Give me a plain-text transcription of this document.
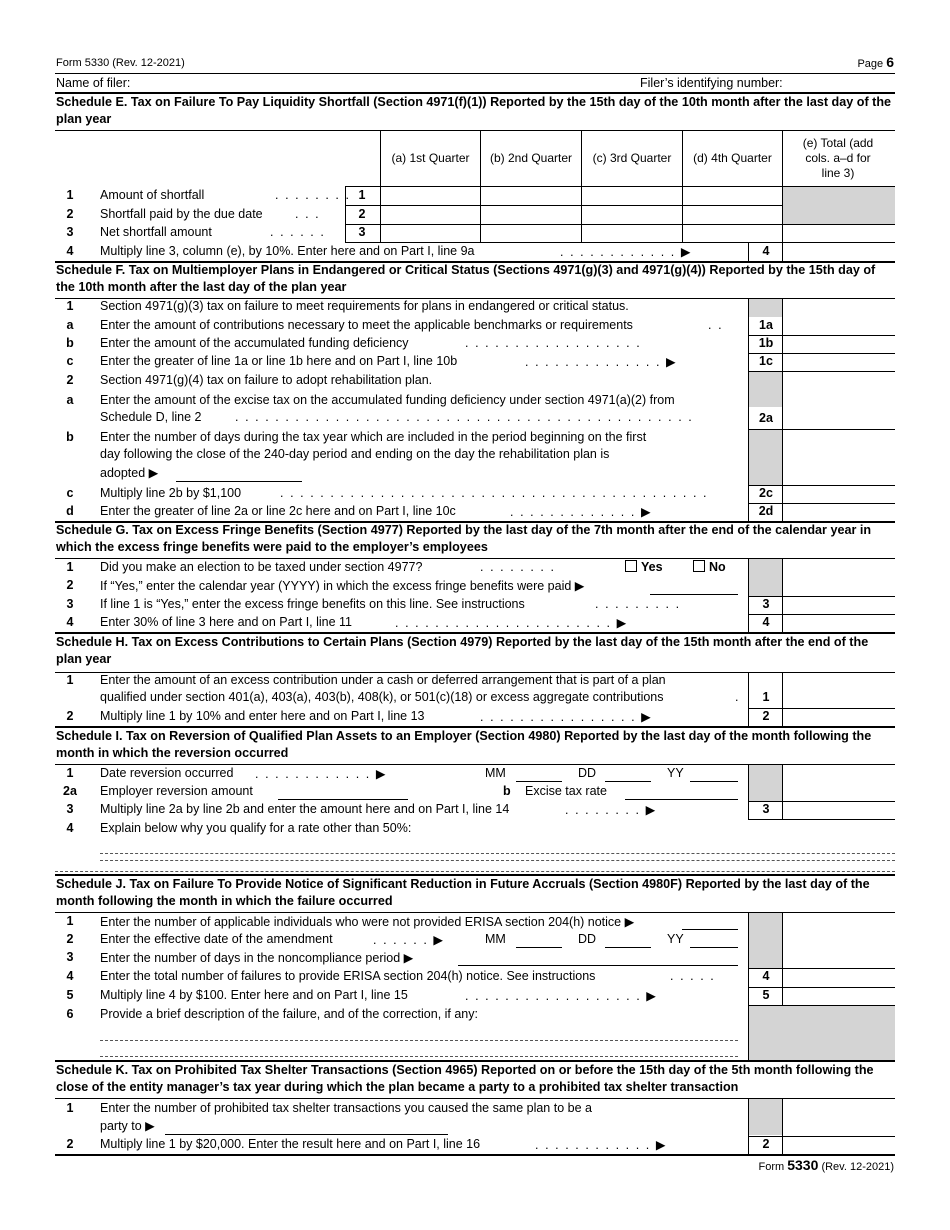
Form 5330 (Rev. 12-2021)	Page 6
Name of filer:	Filer’s identifying number:
Schedule E. Tax on Failure To Pay Liquidity Shortfall (Section 4971(f)(1)) Reported by the 15th day of the 10th month after the last day of the plan year
(a) 1st Quarter	(b) 2nd Quarter	(c) 3rd Quarter	(d) 4th Quarter
(e) Total (add cols. a–d for line 3)
1	Amount of shortfall	........ 1
2	Shortfall paid by the due date	...	2
3	Net shortfall amount	......	3
4	Multiply line 3, column (e), by 10%. Enter here and on Part I, line 9a	............▶	4
Schedule F. Tax on Multiemployer Plans in Endangered or Critical Status (Sections 4971(g)(3) and 4971(g)(4)) Reported by the 15th day of the 10th month after the last day of the plan year
1	Section 4971(g)(3) tax on failure to meet requirements for plans in endangered or critical status.
a	Enter the amount of contributions necessary to meet the applicable benchmarks or requirements	..	1a
b	Enter the amount of the accumulated funding deficiency	..................	1b
c	Enter the greater of line 1a or line 1b here and on Part I, line 10b	..............▶	1c
2	Section 4971(g)(4) tax on failure to adopt rehabilitation plan.
a	Enter the amount of the excise tax on the accumulated funding deficiency under section 4971(a)(2) from
Schedule D, line 2	..............................................	2a
b	Enter the number of days during the tax year which are included in the period beginning on the first
day following the close of the 240-day period and ending on the day the rehabilitation plan is
adopted ▶
c	Multiply line 2b by $1,100	...........................................	2c
d	Enter the greater of line 2a or line 2c here and on Part I, line 10c	.............▶	2d
Schedule G. Tax on Excess Fringe Benefits (Section 4977) Reported by the last day of the 7th month after the end of the calendar year in which the excess fringe benefits were paid to the employer’s employees
1	Did you make an election to be taxed under section 4977?	........	Yes	No
2	If “Yes,” enter the calendar year (YYYY) in which the excess fringe benefits were paid ▶
3	If line 1 is “Yes,” enter the excess fringe benefits on this line. See instructions	.........	3
4	Enter 30% of line 3 here and on Part I, line 11	......................▶	4
Schedule H. Tax on Excess Contributions to Certain Plans (Section 4979) Reported by the last day of the 15th month after the end of the plan year
1	Enter the amount of an excess contribution under a cash or deferred arrangement that is part of a plan
qualified under section 401(a), 403(a), 403(b), 408(k), or 501(c)(18) or excess aggregate contributions	.	1
2	Multiply line 1 by 10% and enter here and on Part I, line 13	................▶	2
Schedule I. Tax on Reversion of Qualified Plan Assets to an Employer (Section 4980) Reported by the last day of the month following the month in which the reversion occurred
1	Date reversion occurred ............▶	MM	DD	YY
2a	Employer reversion amount	b Excise tax rate
3	Multiply line 2a by line 2b and enter the amount here and on Part I, line 14	........▶	3
4	Explain below why you qualify for a rate other than 50%:
Schedule J. Tax on Failure To Provide Notice of Significant Reduction in Future Accruals (Section 4980F) Reported by the last day of the month following the month in which the failure occurred
1	Enter the number of applicable individuals who were not provided ERISA section 204(h) notice ▶
2	Enter the effective date of the amendment	......▶	MM	DD	YY
3	Enter the number of days in the noncompliance period ▶
4	Enter the total number of failures to provide ERISA section 204(h) notice. See instructions	.....	4
5	Multiply line 4 by $100. Enter here and on Part I, line 15	..................▶	5
6	Provide a brief description of the failure, and of the correction, if any:
Schedule K. Tax on Prohibited Tax Shelter Transactions (Section 4965) Reported on or before the 15th day of the 5th month following the close of the entity manager’s tax year during which the plan became a party to a prohibited tax shelter transaction
1	Enter the number of prohibited tax shelter transactions you caused the same plan to be a
party to ▶
2	Multiply line 1 by $20,000. Enter the result here and on Part I, line 16	............▶	2
Form 5330 (Rev. 12-2021)
